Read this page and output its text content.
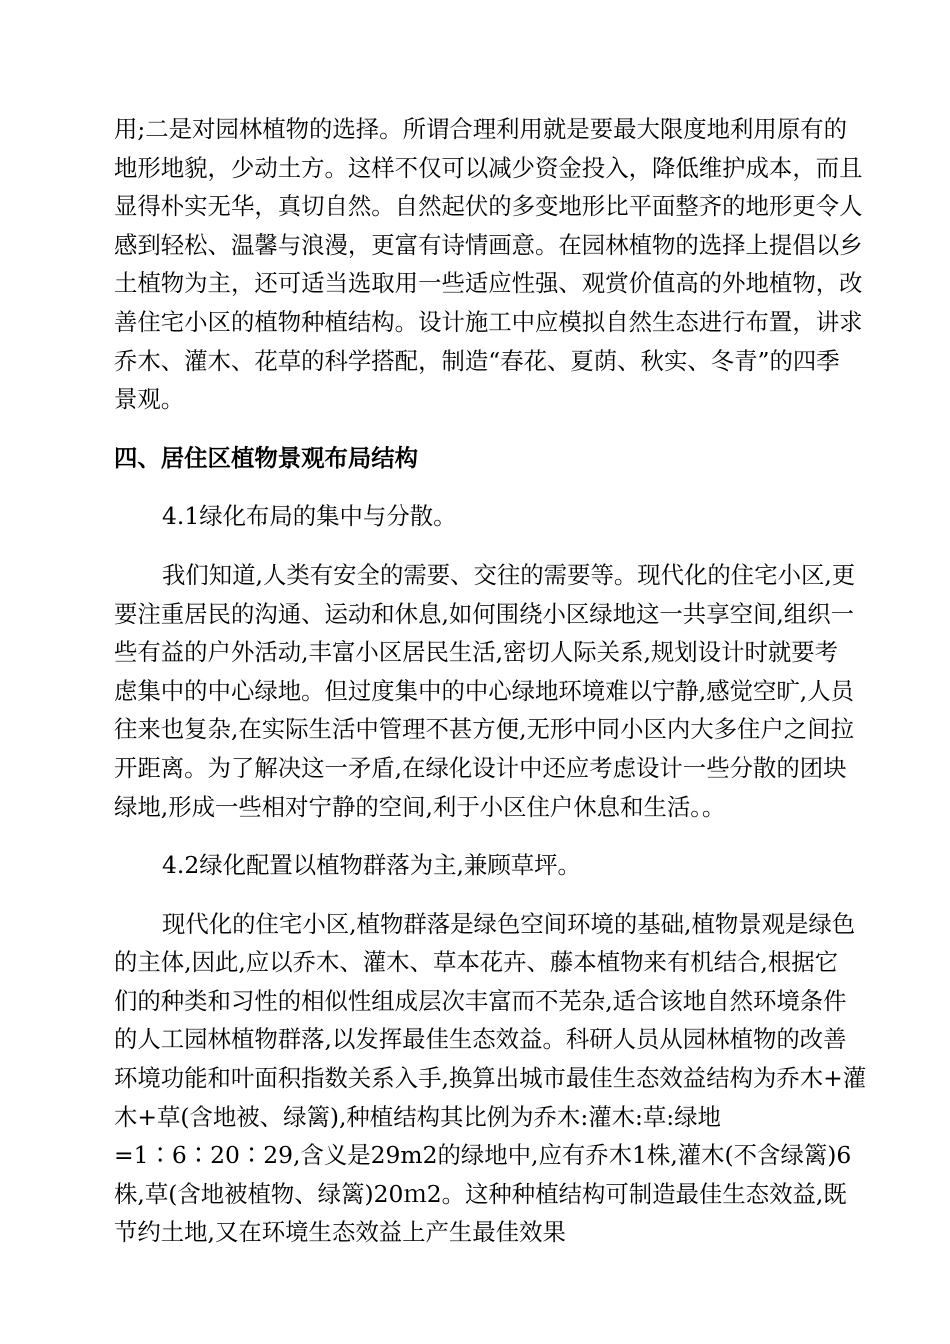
用;二是对园林植物的选择。所谓合理利用就是要最大限度地利用原有的
地形地貌，少动土方。这样不仅可以减少资金投入，降低维护成本，而且
显得朴实无华，真切自然。自然起伏的多变地形比平面整齐的地形更令人
感到轻松、温馨与浪漫，更富有诗情画意。在园林植物的选择上提倡以乡
土植物为主，还可适当选取用一些适应性强、观赏价值高的外地植物，改
善住宅小区的植物种植结构。设计施工中应模拟自然生态进行布置，讲求
乔木、灌木、花草的科学搭配，制造“春花、夏荫、秋实、冬青”的四季
景观。
四、居住区植物景观布局结构
4.1绿化布局的集中与分散。
我们知道,人类有安全的需要、交往的需要等。现代化的住宅小区,更
要注重居民的沟通、运动和休息,如何围绕小区绿地这一共享空间,组织一
些有益的户外活动,丰富小区居民生活,密切人际关系,规划设计时就要考
虑集中的中心绿地。但过度集中的中心绿地环境难以宁静,感觉空旷,人员
往来也复杂,在实际生活中管理不甚方便,无形中同小区内大多住户之间拉
开距离。为了解决这一矛盾,在绿化设计中还应考虑设计一些分散的团块
绿地,形成一些相对宁静的空间,利于小区住户休息和生活。。
4.2绿化配置以植物群落为主,兼顾草坪。
现代化的住宅小区,植物群落是绿色空间环境的基础,植物景观是绿色
的主体,因此,应以乔木、灌木、草本花卉、藤本植物来有机结合,根据它
们的种类和习性的相似性组成层次丰富而不芜杂,适合该地自然环境条件
的人工园林植物群落,以发挥最佳生态效益。科研人员从园林植物的改善
环境功能和叶面积指数关系入手,换算出城市最佳生态效益结构为乔木+灌
木+草(含地被、绿篱),种植结构其比例为乔木:灌木:草:绿地
=1∶6∶20∶29,含义是29m2的绿地中,应有乔木1株,灌木(不含绿篱)6
株,草(含地被植物、绿篱)20ｍ2。这种种植结构可制造最佳生态效益,既
节约土地,又在环境生态效益上产生最佳效果
